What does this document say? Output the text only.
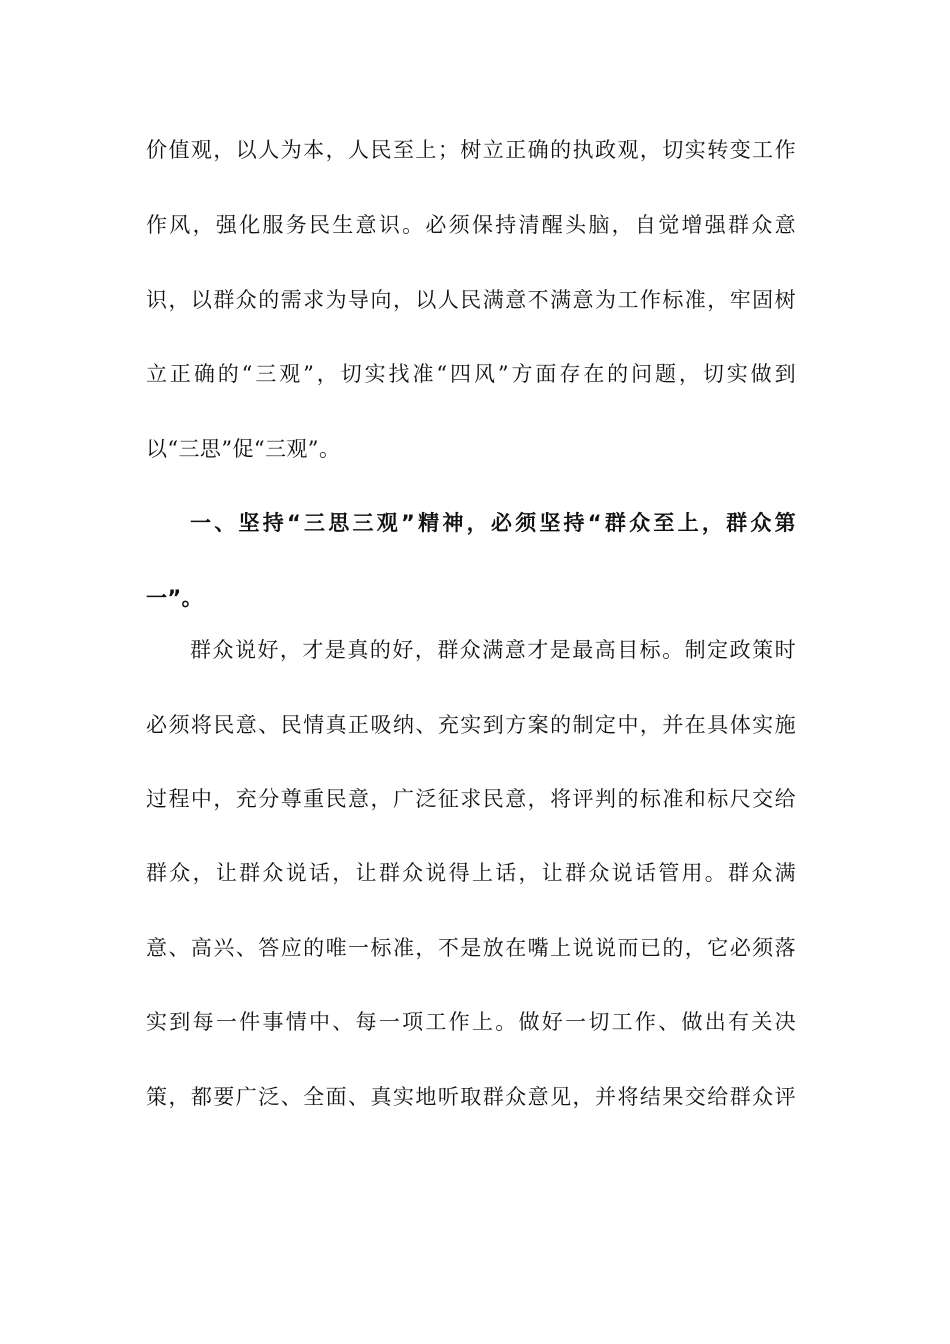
价值观，以人为本，人民至上；树立正确的执政观，切实转变工作
作风，强化服务民生意识。必须保持清醒头脑，自觉增强群众意
识，以群众的需求为导向，以人民满意不满意为工作标准，牢固树
立正确的“三观”，切实找准“四风”方面存在的问题，切实做到
以“三思”促“三观”。
一、坚持“三思三观”精神，必须坚持“群众至上，群众第
一”。
群众说好，才是真的好，群众满意才是最高目标。制定政策时
必须将民意、民情真正吸纳、充实到方案的制定中，并在具体实施
过程中，充分尊重民意，广泛征求民意，将评判的标准和标尺交给
群众，让群众说话，让群众说得上话，让群众说话管用。群众满
意、高兴、答应的唯一标准，不是放在嘴上说说而已的，它必须落
实到每一件事情中、每一项工作上。做好一切工作、做出有关决
策，都要广泛、全面、真实地听取群众意见，并将结果交给群众评
